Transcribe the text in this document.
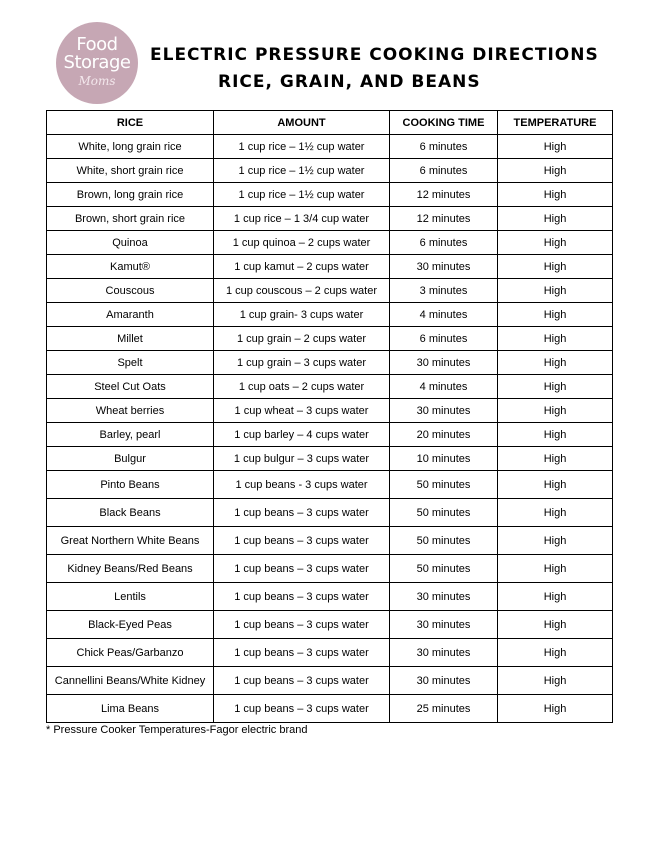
Food
Storage
Moms
ELECTRIC PRESSURE COOKING DIRECTIONS
RICE, GRAIN, AND BEANS
RICE	AMOUNT	COOKING TIME	TEMPERATURE
White, long grain rice	1 cup rice – 1½ cup water	6 minutes	High
White, short grain rice	1 cup rice – 1½ cup water	6 minutes	High
Brown, long grain rice	1 cup rice – 1½ cup water	12 minutes	High
Brown, short grain rice	1 cup rice – 1 3/4 cup water	12 minutes	High
Quinoa	1 cup quinoa – 2 cups water	6 minutes	High
Kamut®	1 cup kamut – 2 cups water	30 minutes	High
Couscous	1 cup couscous – 2 cups water	3 minutes	High
Amaranth	1 cup grain- 3 cups water	4 minutes	High
Millet	1 cup grain – 2 cups water	6 minutes	High
Spelt	1 cup grain – 3 cups water	30 minutes	High
Steel Cut Oats	1 cup oats – 2 cups water	4 minutes	High
Wheat berries	1 cup wheat – 3 cups water	30 minutes	High
Barley, pearl	1 cup barley – 4 cups water	20 minutes	High
Bulgur	1 cup bulgur – 3 cups water	10 minutes	High
Pinto Beans	1 cup beans - 3 cups water	50 minutes	High
Black Beans	1 cup beans – 3 cups water	50 minutes	High
Great Northern White Beans	1 cup beans – 3 cups water	50 minutes	High
Kidney Beans/Red Beans	1 cup beans – 3 cups water	50 minutes	High
Lentils	1 cup beans – 3 cups water	30 minutes	High
Black-Eyed Peas	1 cup beans – 3 cups water	30 minutes	High
Chick Peas/Garbanzo	1 cup beans – 3 cups water	30 minutes	High
Cannellini Beans/White Kidney	1 cup beans – 3 cups water	30 minutes	High
Lima Beans	1 cup beans – 3 cups water	25 minutes	High
* Pressure Cooker Temperatures-Fagor electric brand
